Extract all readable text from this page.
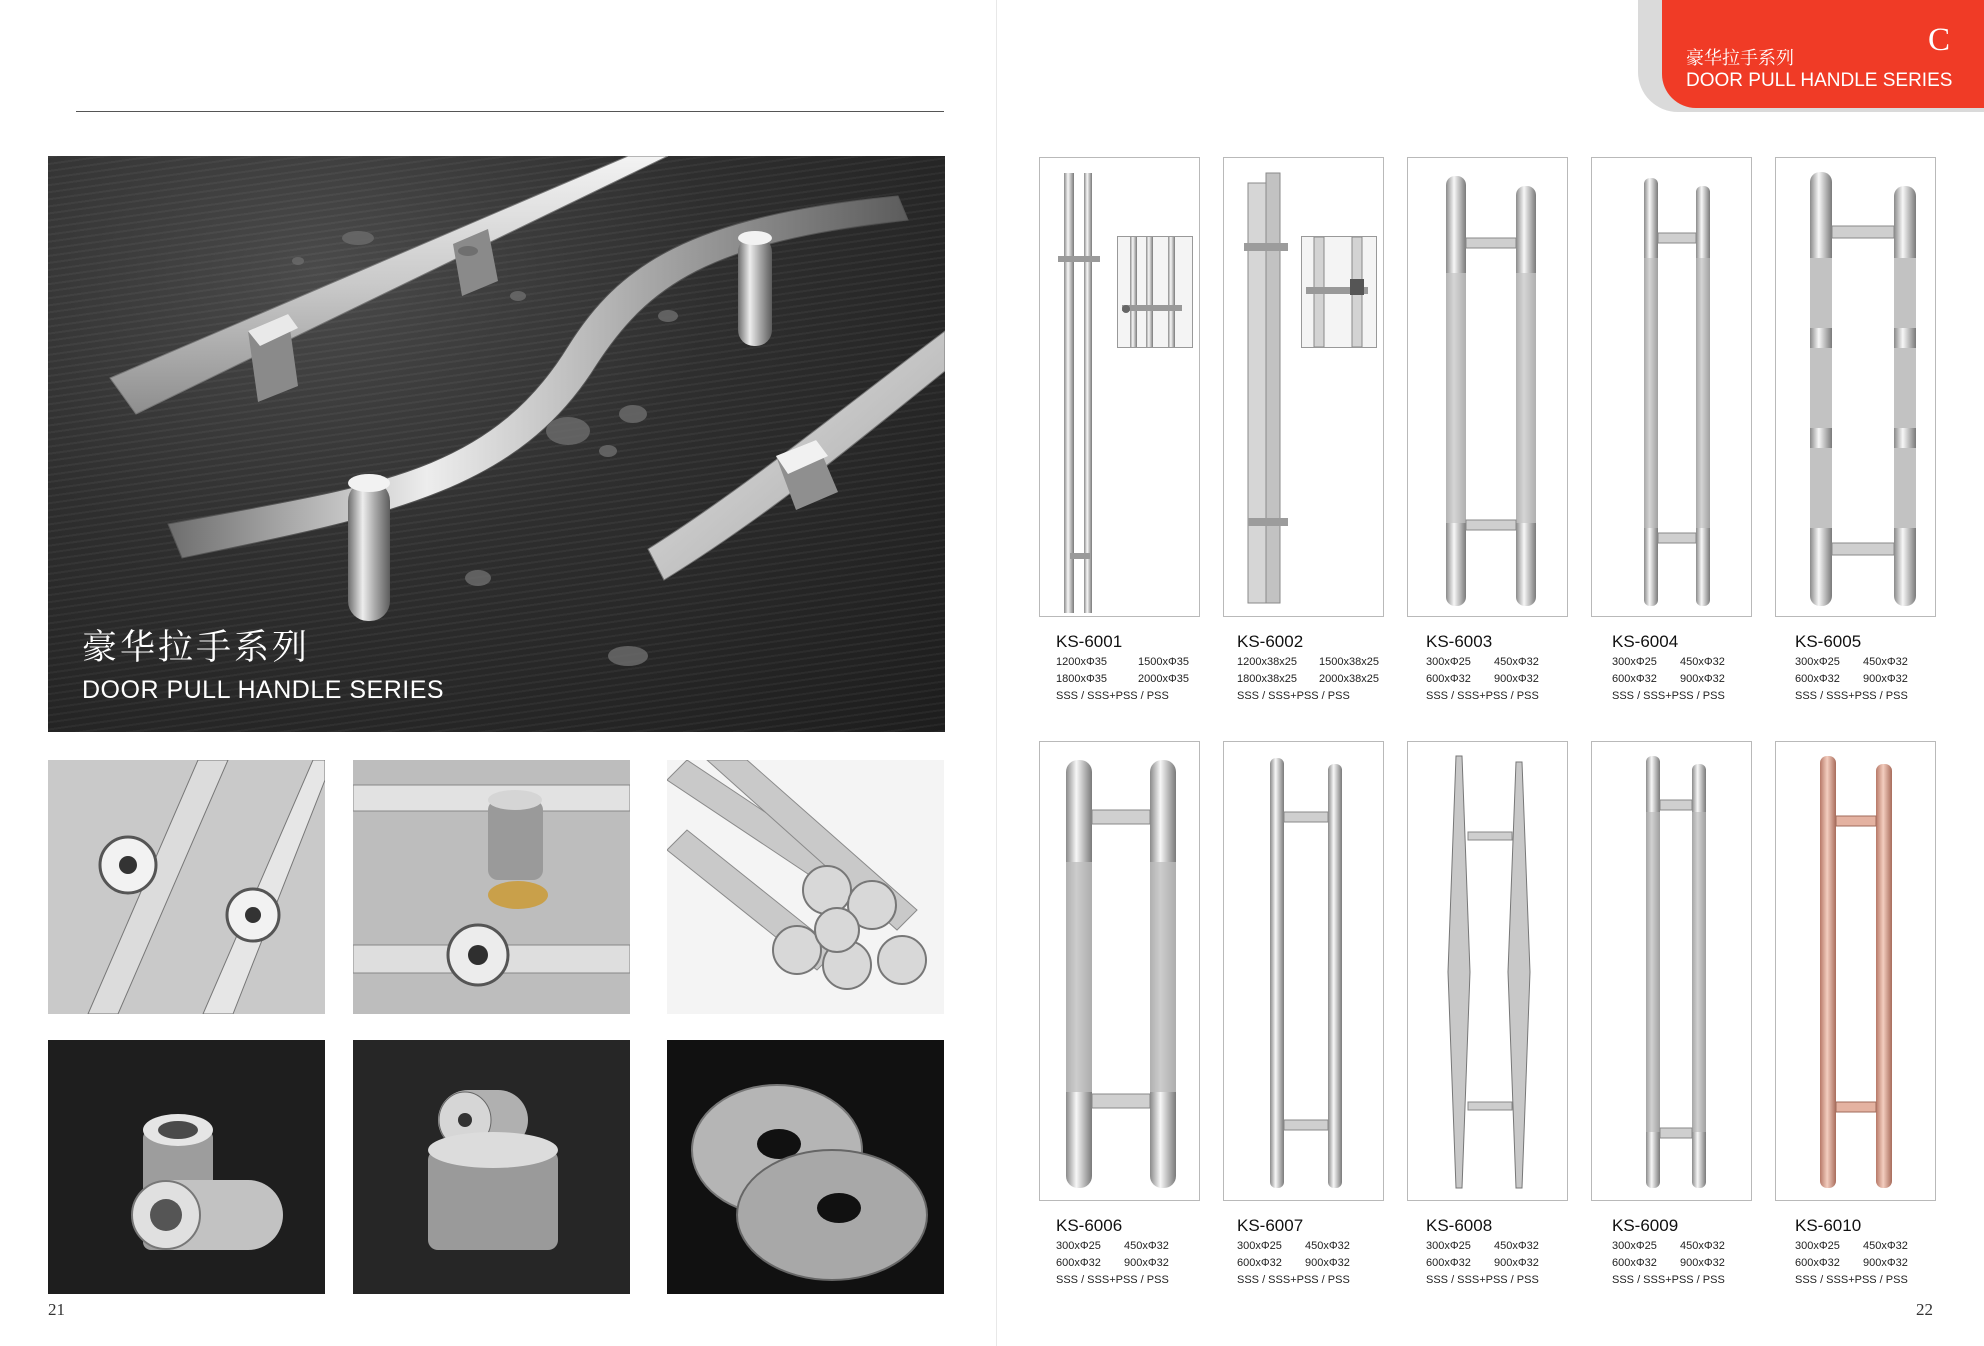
豪华拉手系列
DOOR PULL HANDLE SERIES
21
豪华拉手系列
DOOR PULL HANDLE SERIES
C
KS-6001
1200xΦ35	1500xΦ35
1800xΦ35	2000xΦ35
SSS / SSS+PSS / PSS
KS-6002
1200x38x25 1500x38x25
1800x38x25 2000x38x25
SSS / SSS+PSS / PSS
KS-6003
300xΦ25 450xΦ32
600xΦ32 900xΦ32
SSS / SSS+PSS / PSS
KS-6004
300xΦ25 450xΦ32
600xΦ32 900xΦ32
SSS / SSS+PSS / PSS
KS-6005
300xΦ25 450xΦ32
600xΦ32 900xΦ32
SSS / SSS+PSS / PSS
KS-6006
300xΦ25 450xΦ32
600xΦ32 900xΦ32
SSS / SSS+PSS / PSS
KS-6007
300xΦ25 450xΦ32
600xΦ32 900xΦ32
SSS / SSS+PSS / PSS
KS-6008
300xΦ25 450xΦ32
600xΦ32 900xΦ32
SSS / SSS+PSS / PSS
KS-6009
300xΦ25 450xΦ32
600xΦ32 900xΦ32
SSS / SSS+PSS / PSS
KS-6010
300xΦ25 450xΦ32
600xΦ32 900xΦ32
SSS / SSS+PSS / PSS
22
